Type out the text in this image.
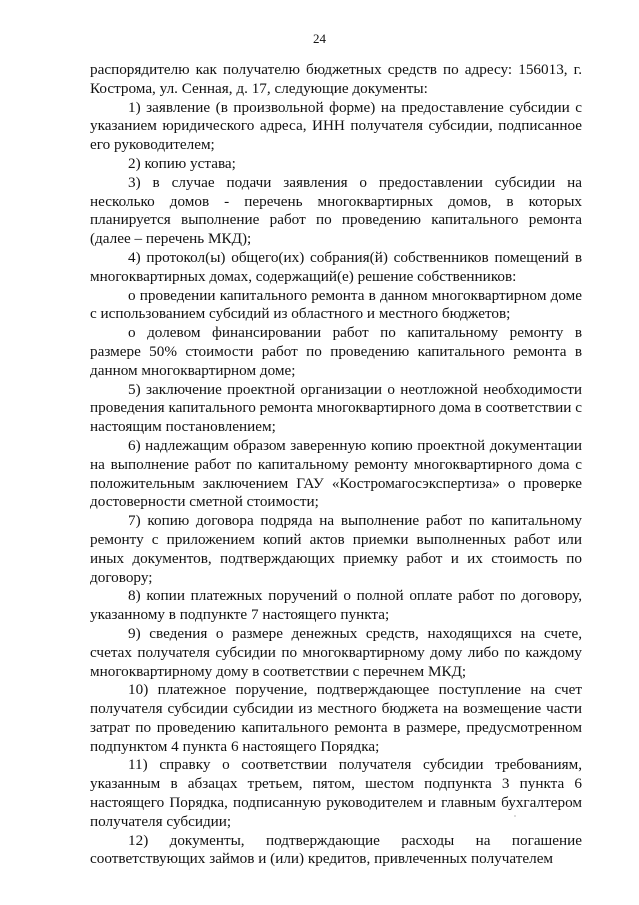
24

распорядителю как получателю бюджетных средств по адресу: 156013, г. Кострома, ул. Сенная, д. 17, следующие документы:

1) заявление (в произвольной форме) на предоставление субсидии с указанием юридического адреса, ИНН получателя субсидии, подписанное его руководителем;

2) копию устава;

3) в случае подачи заявления о предоставлении субсидии на несколько домов - перечень многоквартирных домов, в которых планируется выполнение работ по проведению капитального ремонта (далее – перечень МКД);

4) протокол(ы) общего(их) собрания(й) собственников помещений в многоквартирных домах, содержащий(е) решение собственников:

о проведении капитального ремонта в данном многоквартирном доме с использованием субсидий из областного и местного бюджетов;

о долевом финансировании работ по капитальному ремонту в размере 50% стоимости работ по проведению капитального ремонта в данном многоквартирном доме;

5) заключение проектной организации о неотложной необходимости проведения капитального ремонта многоквартирного дома в соответствии с настоящим постановлением;

6) надлежащим образом заверенную копию проектной документации на выполнение работ по капитальному ремонту многоквартирного дома с положительным заключением ГАУ «Костромагосэкспертиза» о проверке достоверности сметной стоимости;

7) копию договора подряда на выполнение работ по капитальному ремонту с приложением копий актов приемки выполненных работ или иных документов, подтверждающих приемку работ и их стоимость по договору;

8) копии платежных поручений о полной оплате работ по договору, указанному в подпункте 7 настоящего пункта;

9) сведения о размере денежных средств, находящихся на счете, счетах получателя субсидии по многоквартирному дому либо по каждому многоквартирному дому в соответствии с перечнем МКД;

10) платежное поручение, подтверждающее поступление на счет получателя субсидии субсидии из местного бюджета на возмещение части затрат по проведению капитального ремонта в размере, предусмотренном подпунктом 4 пункта 6 настоящего Порядка;

11) справку о соответствии получателя субсидии требованиям, указанным в абзацах третьем, пятом, шестом подпункта 3 пункта 6 настоящего Порядка, подписанную руководителем и главным бухгалтером получателя субсидии;

12) документы, подтверждающие расходы на погашение соответствующих займов и (или) кредитов, привлеченных получателем
